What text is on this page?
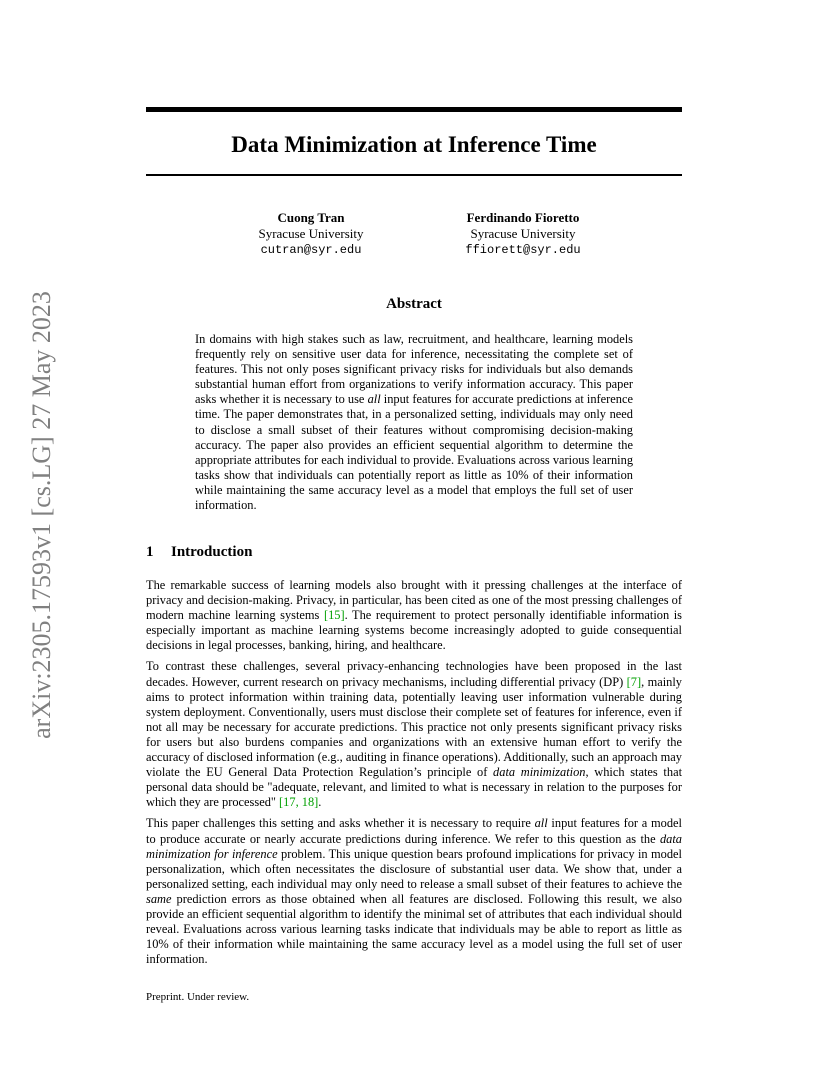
arXiv:2305.17593v1 [cs.LG] 27 May 2023
Data Minimization at Inference Time
Cuong Tran
Syracuse University
cutran@syr.edu
Ferdinando Fioretto
Syracuse University
ffiorett@syr.edu
Abstract
In domains with high stakes such as law, recruitment, and healthcare, learning models frequently rely on sensitive user data for inference, necessitating the complete set of features. This not only poses significant privacy risks for individuals but also demands substantial human effort from organizations to verify information accuracy. This paper asks whether it is necessary to use all input features for accurate predictions at inference time. The paper demonstrates that, in a personalized setting, individuals may only need to disclose a small subset of their features without compromising decision-making accuracy. The paper also provides an efficient sequential algorithm to determine the appropriate attributes for each individual to provide. Evaluations across various learning tasks show that individuals can potentially report as little as 10% of their information while maintaining the same accuracy level as a model that employs the full set of user information.
1 Introduction

The remarkable success of learning models also brought with it pressing challenges at the interface of privacy and decision-making. Privacy, in particular, has been cited as one of the most pressing challenges of modern machine learning systems [15]. The requirement to protect personally identifiable information is especially important as machine learning systems become increasingly adopted to guide consequential decisions in legal processes, banking, hiring, and healthcare.

To contrast these challenges, several privacy-enhancing technologies have been proposed in the last decades. However, current research on privacy mechanisms, including differential privacy (DP) [7], mainly aims to protect information within training data, potentially leaving user information vulnerable during system deployment. Conventionally, users must disclose their complete set of features for inference, even if not all may be necessary for accurate predictions. This practice not only presents significant privacy risks for users but also burdens companies and organizations with an extensive human effort to verify the accuracy of disclosed information (e.g., auditing in finance operations). Additionally, such an approach may violate the EU General Data Protection Regulation’s principle of data minimization, which states that personal data should be "adequate, relevant, and limited to what is necessary in relation to the purposes for which they are processed" [17, 18].

This paper challenges this setting and asks whether it is necessary to require all input features for a model to produce accurate or nearly accurate predictions during inference. We refer to this question as the data minimization for inference problem. This unique question bears profound implications for privacy in model personalization, which often necessitates the disclosure of substantial user data. We show that, under a personalized setting, each individual may only need to release a small subset of their features to achieve the same prediction errors as those obtained when all features are disclosed. Following this result, we also provide an efficient sequential algorithm to identify the minimal set of attributes that each individual should reveal. Evaluations across various learning tasks indicate that individuals may be able to report as little as 10% of their information while maintaining the same accuracy level as a model using the full set of user information.

Preprint. Under review.
